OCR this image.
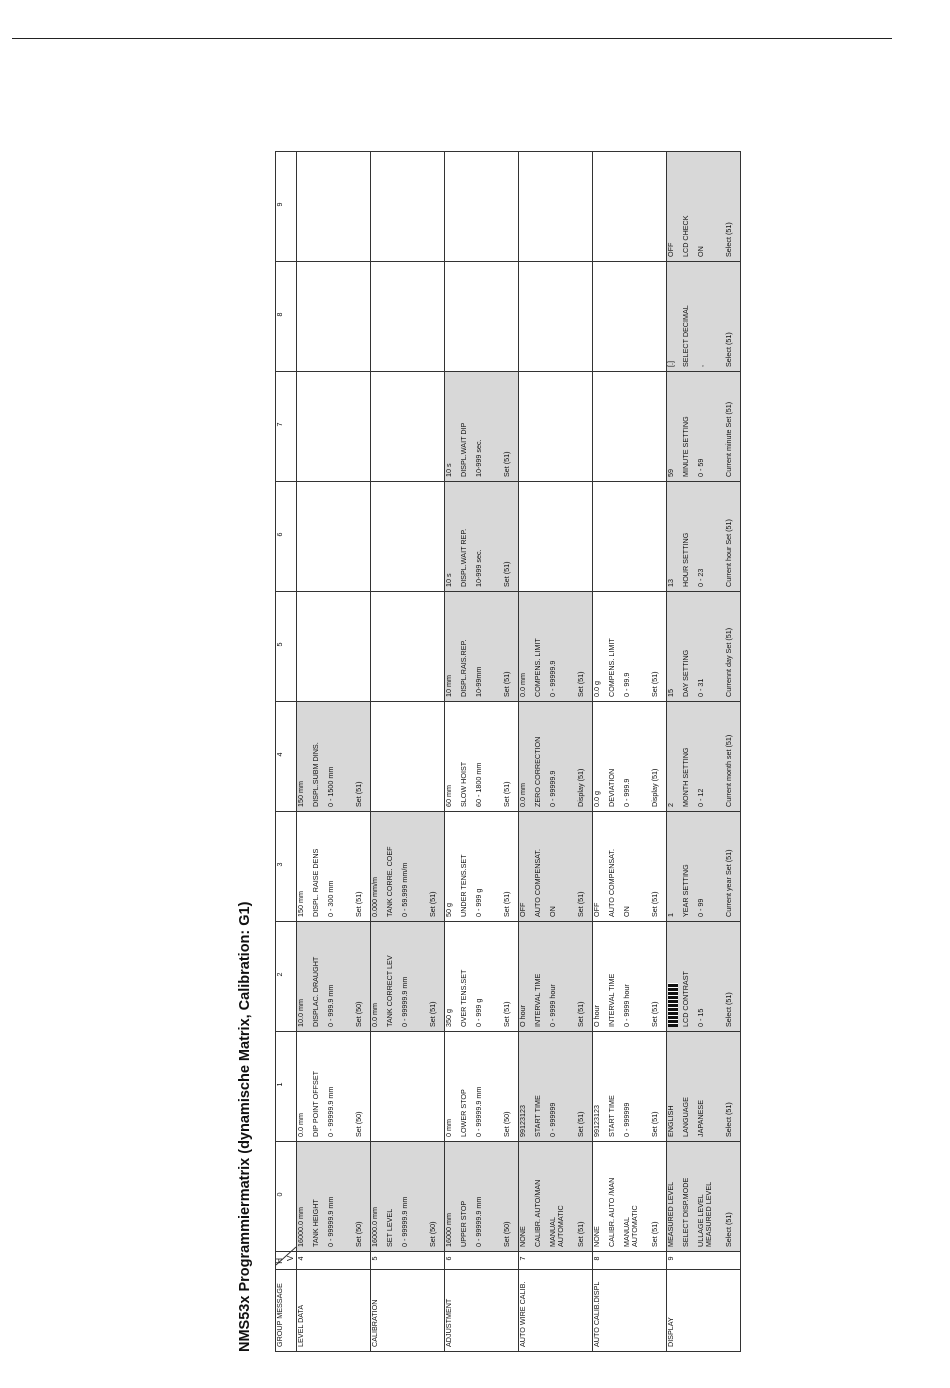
NMS53x Programmiermatrix (dynamische Matrix, Calibration: G1)	GROUP MESSAGE	H V	0	1	2	3	4	5	6	7	8	9
LEVEL DATA	4	16000.0 mm	0.0 mm	10.0 mm	150 mm	150 mm					

		TANK HEIGHT	DIP POINT OFFSET	DISPLAC. DRAUGHT	DISPL. RAISE DENS	DISPL.SUBM DINS.					

		0 - 99999.9 mm	0 - 99999.9 mm	0 - 999.9 mm	0 - 300 mm	0 - 1500 mm					

		Set (50)	Set (50)	Set (50)	Set (51)	Set (51)					

CALIBRATION	5	16000.0 mm		0.0 mm	0.000 mm/m						

		SET LEVEL		TANK CORRECT LEV	TANK CORRE. COEF						

		0 - 99999.9 mm		0 - 99999.9 mm	0 - 59.999 mm/m						

		Set (50)		Set (51)	Set (51)						

ADJUSTMENT	6	16000 mm	0 mm	350 g	50 g	60 mm	10 mm	10 s	10 s		

		UPPER STOP	LOWER STOP	OVER TENS.SET	UNDER TENS.SET	SLOW HOIST	DISPL.RAIS.REP.	DISPL.WAIT REP.	DISPL.WAIT DIP		

		0 - 99999.9 mm	0 - 99999.9 mm	0 - 999 g	0 - 999 g	60 - 1800 mm	10-99mm	10-999 sec.	10-999 sec.		

		Set (50)	Set (50)	Set (51)	Set (51)	Set (51)	Set (51)	Set (51)	Set (51)		

AUTO WIRE CALIB.	7	NONE	99123123	O hour	OFF	0.0 mm	0.0 mm				

		CALIBR. AUTO/MAN	START TIME	INTERVAL TIME	AUTO COMPENSAT.	ZERO CORRECTION	COMPENS. LIMIT				

		MANUAL
AUTOMATIC	0 - 999999	0 - 9999 hour	ON	0 - 99999.9	0 - 99999.9				

		Set (51)	Set (51)	Set (51)	Set (51)	Display (51)	Set (51)				

AUTO CALIB.DISPL	8	NONE	99123123	O hour	OFF	0.0 g	0.0 g				

		CALIBR. AUTO /MAN	START TIME	INTERVAL TIME	AUTO COMPENSAT.	DEVIATION	COMPENS. LIMIT				

		MANUAL
AUTOMATIC	0 - 999999	0 - 9999 hour	ON	0 - 999.9	0 - 99.9				

		Set (51)	Set (51)	Set (51)	Set (51)	Display (51)	Set (51)				

DISPLAY	9	MEASURED LEVEL	ENGLISH		1	2	15	13	59	[.]	OFF

		SELECT DISP.MODE	LANGUAGE	LCD CONTRAST	YEAR SETTING	MONTH SETTING	DAY SETTING	HOUR SETTING	MINUTE SETTING	SELECT DECIMAL	LCD CHECK

		ULLAGE LEVEL
MEASURED LEVEL	JAPANESE	0 - 15	0 - 99	0 - 12	0 - 31	0 - 23	0 - 59	,	ON

		Select (51)	Select (51)	Select (51)	Current year Set (51)	Current month set (51)	Currennt day Set (51)	Current hour Set (51)	Current minute Set (51)	Select (51)	Select (51)
